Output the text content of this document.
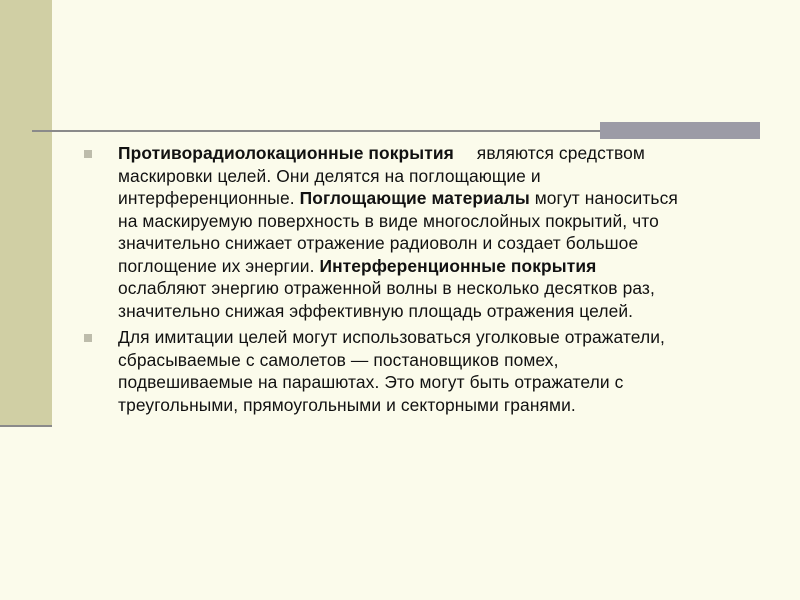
Противорадиолокационные покрытия являются средством маскировки целей. Они делятся на поглощающие и интерференционные. Поглощающие материалы могут наноситься на маскируемую поверхность в виде многослойных покрытий, что значительно снижает отражение радиоволн и создает большое поглощение их энергии. Интерференционные покрытия ослабляют энергию отраженной волны в несколько десятков раз, значительно снижая эффективную площадь отражения целей.
Для имитации целей могут использоваться уголковые отражатели, сбрасываемые с самолетов — постановщиков помех, подвешиваемые на парашютах. Это могут быть отражатели с треугольными, прямоугольными и секторными гранями.
